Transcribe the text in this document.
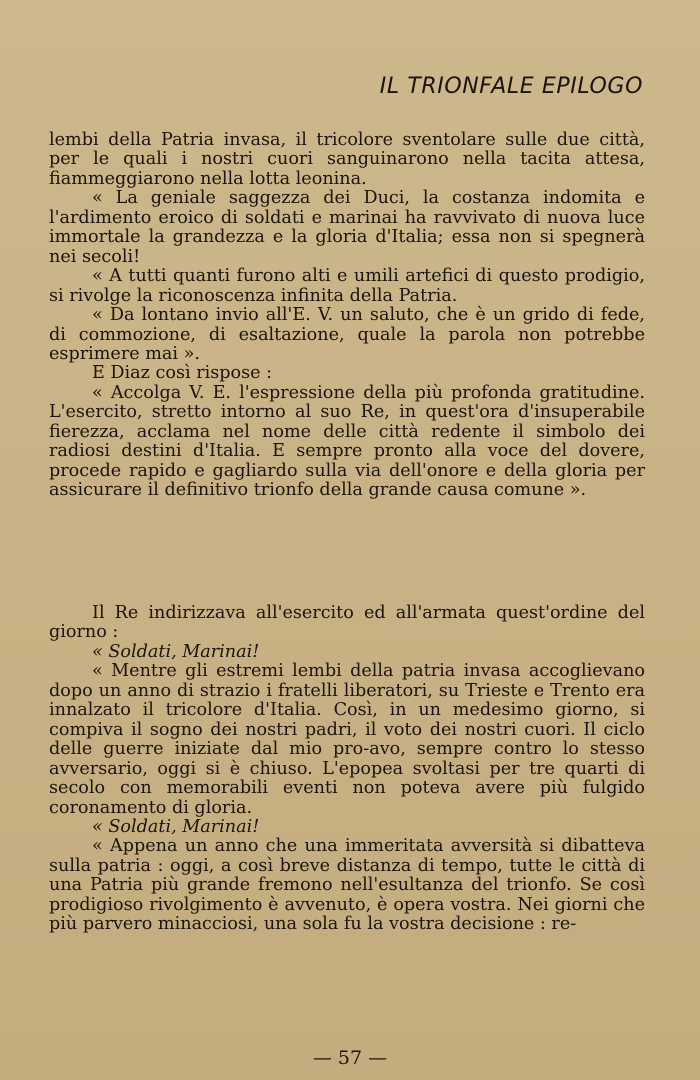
IL TRIONFALE EPILOGO

lembi della Patria invasa, il tricolore sventolare sulle due città, per le quali i nostri cuori sanguinarono nella tacita attesa, fiammeggiarono nella lotta leonina.

« La geniale saggezza dei Duci, la costanza indomita e l'ardimento eroico di soldati e marinai ha ravvivato di nuova luce immortale la grandezza e la gloria d'Italia; essa non si spegnerà nei secoli!

« A tutti quanti furono alti e umili artefici di questo prodigio, si rivolge la riconoscenza infinita della Patria.

« Da lontano invio all'E. V. un saluto, che è un grido di fede, di commozione, di esaltazione, quale la parola non potrebbe esprimere mai ».

E Diaz così rispose :

« Accolga V. E. l'espressione della più profonda gratitudine. L'esercito, stretto intorno al suo Re, in quest'ora d'insuperabile fierezza, acclama nel nome delle città redente il simbolo dei radiosi destini d'Italia. E sempre pronto alla voce del dovere, procede rapido e gagliardo sulla via dell'onore e della gloria per assicurare il definitivo trionfo della grande causa comune ».

Il Re indirizzava all'esercito ed all'armata quest'ordine del giorno :

« Soldati, Marinai!

« Mentre gli estremi lembi della patria invasa accoglievano dopo un anno di strazio i fratelli liberatori, su Trieste e Trento era innalzato il tricolore d'Italia. Così, in un medesimo giorno, si compiva il sogno dei nostri padri, il voto dei nostri cuori. Il ciclo delle guerre iniziate dal mio pro-avo, sempre contro lo stesso avversario, oggi si è chiuso. L'epopea svoltasi per tre quarti di secolo con memorabili eventi non poteva avere più fulgido coronamento di gloria.

« Soldati, Marinai!

« Appena un anno che una immeritata avversità si dibatteva sulla patria : oggi, a così breve distanza di tempo, tutte le città di una Patria più grande fremono nell'esultanza del trionfo. Se così prodigioso rivolgimento è avvenuto, è opera vostra. Nei giorni che più parvero minacciosi, una sola fu la vostra decisione : re-

— 57 —
